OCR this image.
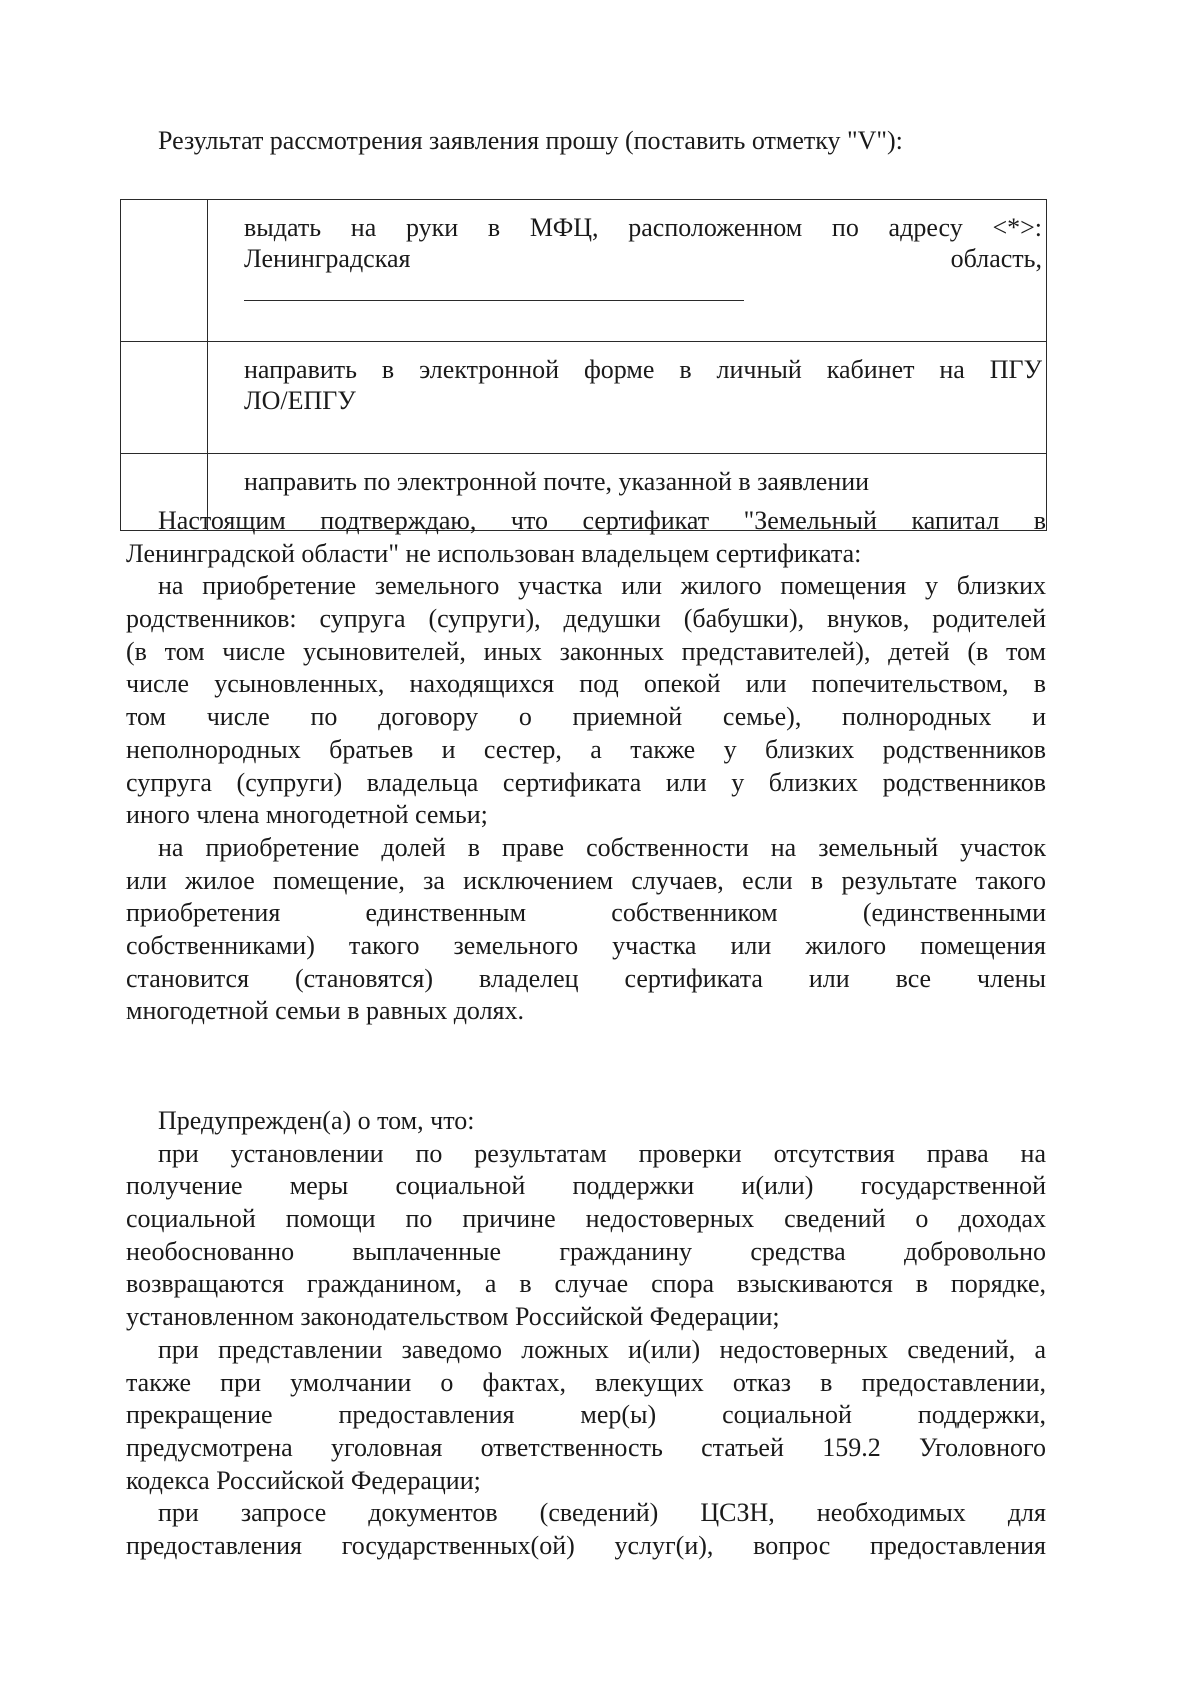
Результат рассмотрения заявления прошу (поставить отметку "V"):

	выдать на руки в МФЦ, расположенном по адресу <*>:
Ленинградская область,

	направить в электронной форме в личный кабинет на ПГУ
ЛО/ЕПГУ

	направить по электронной почте, указанной в заявлении
Настоящим подтверждаю, что сертификат "Земельный капитал в
Ленинградской области" не использован владельцем сертификата:
на приобретение земельного участка или жилого помещения у близких
родственников: супруга (супруги), дедушки (бабушки), внуков, родителей
(в том числе усыновителей, иных законных представителей), детей (в том
числе усыновленных, находящихся под опекой или попечительством, в
том числе по договору о приемной семье), полнородных и
неполнородных братьев и сестер, а также у близких родственников
супруга (супруги) владельца сертификата или у близких родственников
иного члена многодетной семьи;
на приобретение долей в праве собственности на земельный участок
или жилое помещение, за исключением случаев, если в результате такого
приобретения единственным собственником (единственными
собственниками) такого земельного участка или жилого помещения
становится (становятся) владелец сертификата или все члены
многодетной семьи в равных долях.
Предупрежден(а) о том, что:
при установлении по результатам проверки отсутствия права на
получение меры социальной поддержки и(или) государственной
социальной помощи по причине недостоверных сведений о доходах
необоснованно выплаченные гражданину средства добровольно
возвращаются гражданином, а в случае спора взыскиваются в порядке,
установленном законодательством Российской Федерации;
при представлении заведомо ложных и(или) недостоверных сведений, а
также при умолчании о фактах, влекущих отказ в предоставлении,
прекращение предоставления мер(ы) социальной поддержки,
предусмотрена уголовная ответственность статьей 159.2 Уголовного
кодекса Российской Федерации;
при запросе документов (сведений) ЦСЗН, необходимых для
предоставления государственных(ой) услуг(и), вопрос предоставления
